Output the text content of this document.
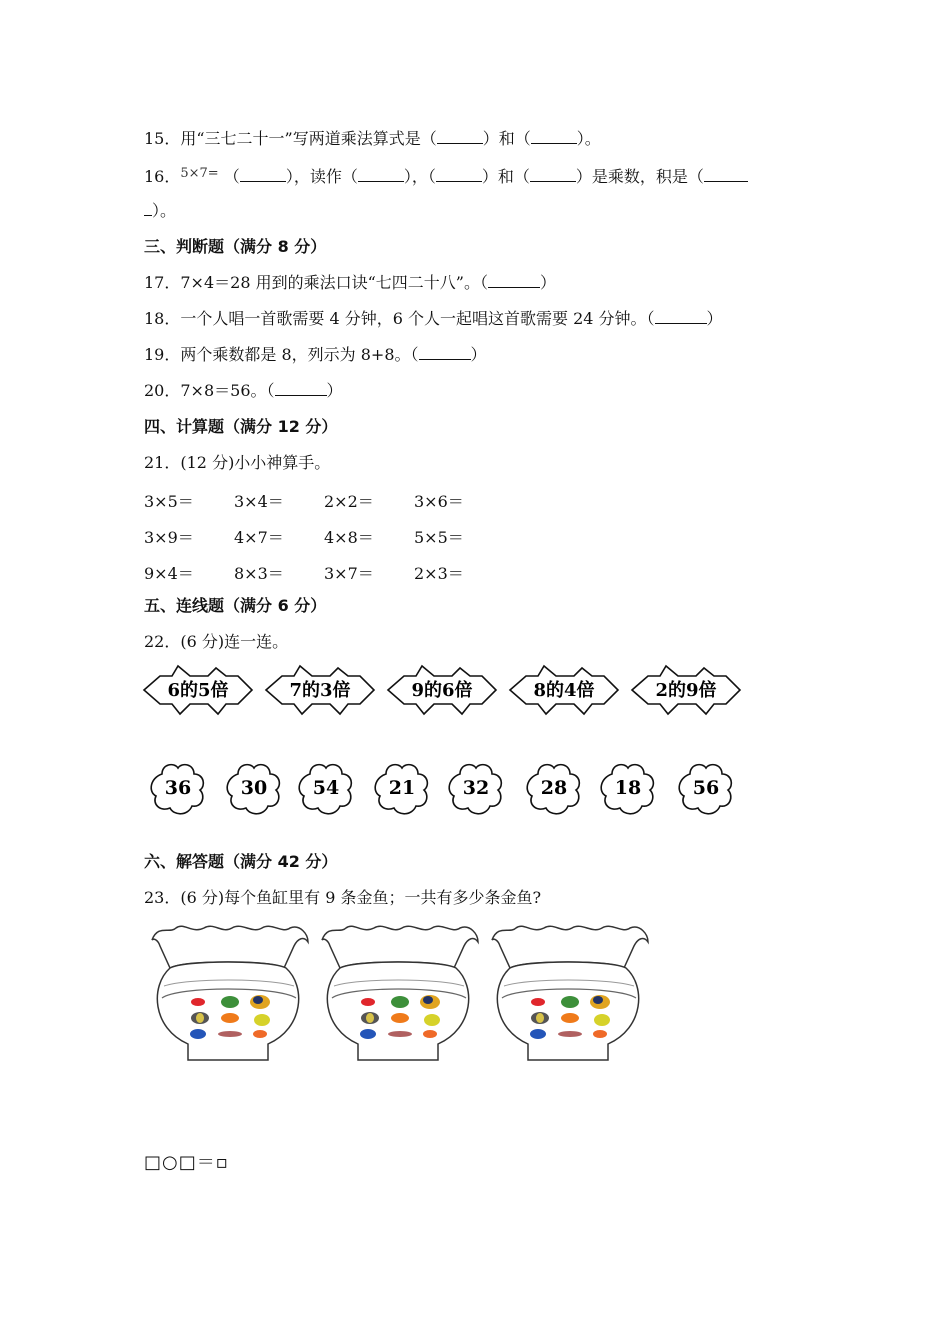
15．用“三七二十一”写两道乘法算式是（	）和（	）。
16．$^{5\times 7=}$ （	），读作（	），（	）和（	）是乘数，积是（
）。
三、判断题（满分 8 分）
17．7×4＝28 用到的乘法口诀“七四二十八”。（	）
18．一个人唱一首歌需要 4 分钟，6 个人一起唱这首歌需要 24 分钟。（	）
19．两个乘数都是 8，列示为 8+8。（	）
20．7×8＝56。（	）
四、计算题（满分 12 分）
21．(12 分)小小神算手。
3×5＝	3×4＝	2×2＝	3×6＝
3×9＝	4×7＝	4×8＝	5×5＝
9×4＝	8×3＝	3×7＝	2×3＝
五、连线题（满分 6 分）
22．(6 分)连一连。
6的5倍	7的3倍	9的6倍	8的4倍	2的9倍
36	30 54	21	32	28	18	56
六、解答题（满分 42 分）
23．(6 分)每个鱼缸里有 9 条金鱼；一共有多少条金鱼?
□○□＝▫
